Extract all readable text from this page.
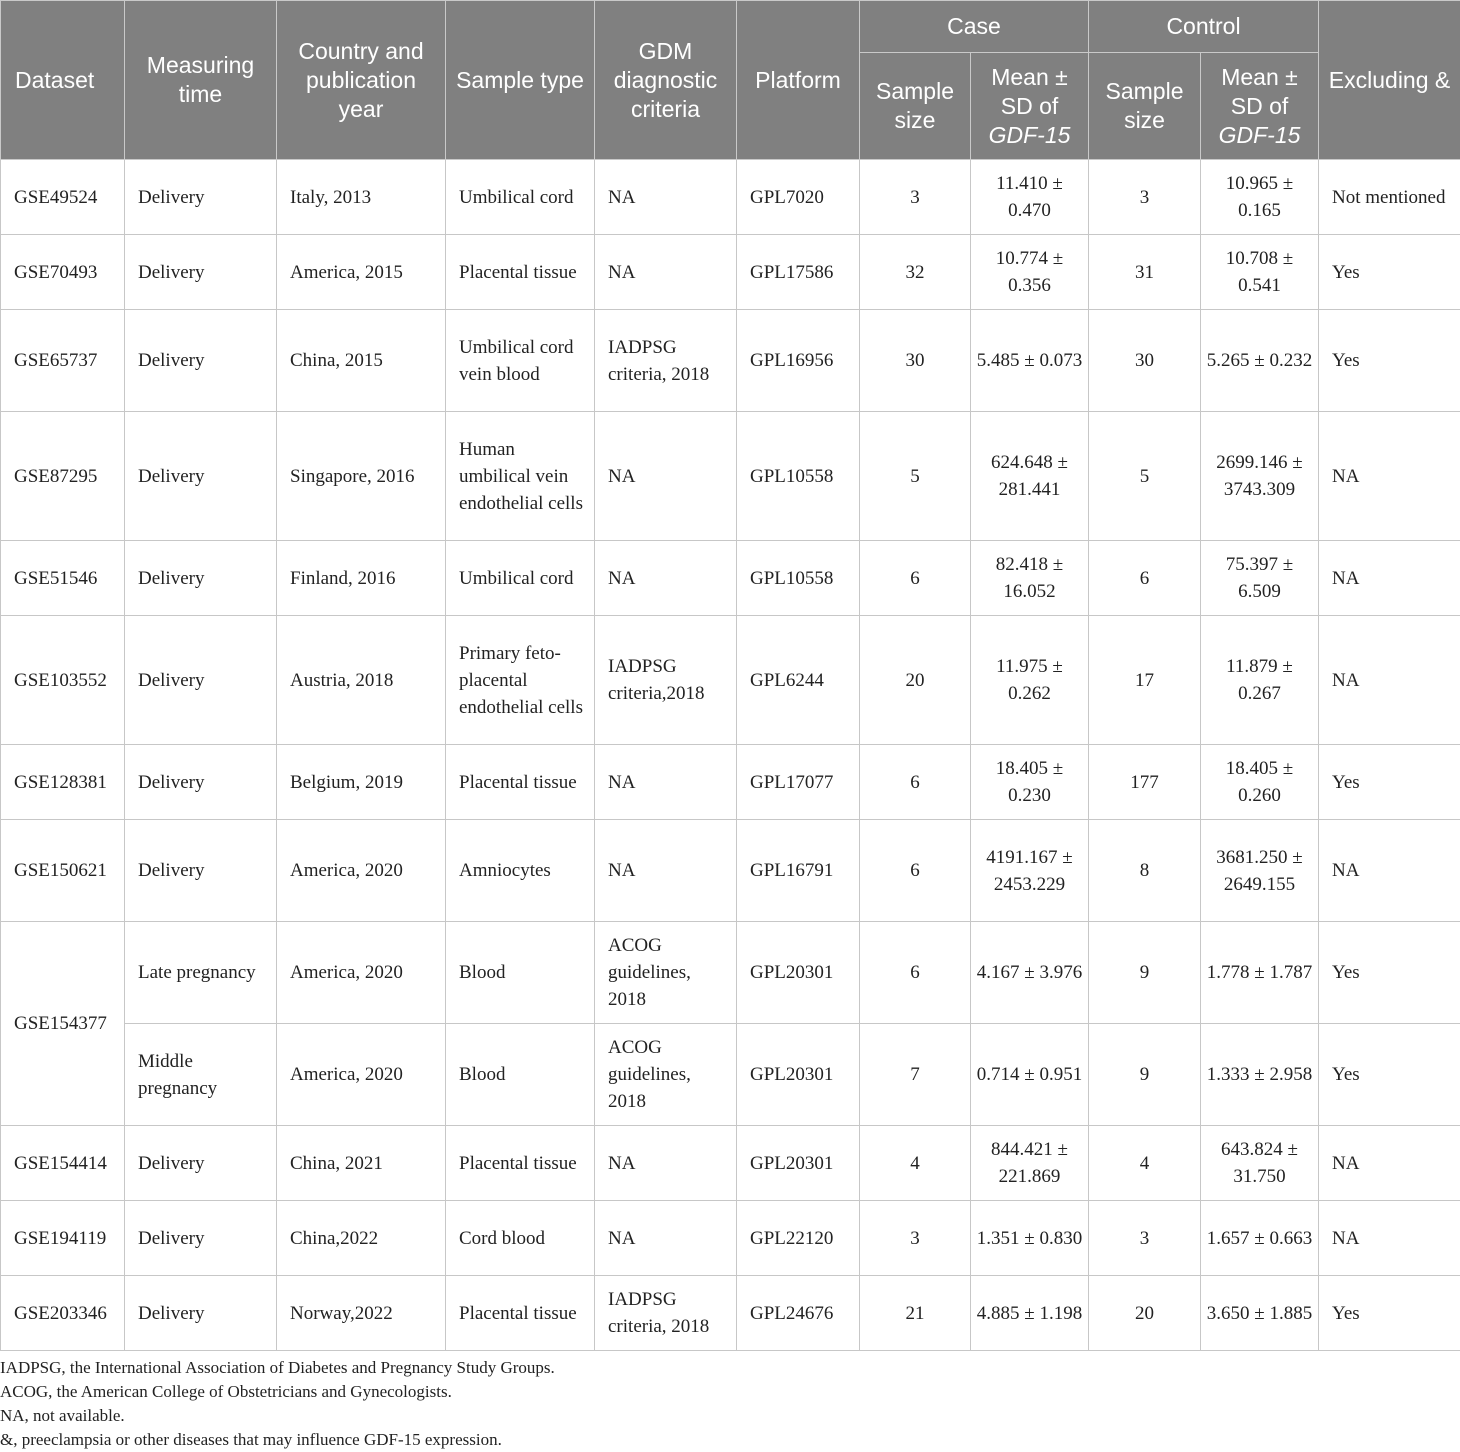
Dataset	Measuring time	Country and publication year	Sample type	GDM diagnostic criteria	Platform	Case		Control		Excluding &
						Sample size	Mean ± SD of GDF-15	Sample size	Mean ± SD of GDF-15	
GSE49524	Delivery	Italy, 2013	Umbilical cord	NA	GPL7020	3	11.410 ± 0.470	3	10.965 ± 0.165	Not mentioned
GSE70493	Delivery	America, 2015	Placental tissue	NA	GPL17586	32	10.774 ± 0.356	31	10.708 ± 0.541	Yes
GSE65737	Delivery	China, 2015	Umbilical cord vein blood	IADPSG criteria, 2018	GPL16956	30	5.485 ± 0.073	30	5.265 ± 0.232	Yes
GSE87295	Delivery	Singapore, 2016	Human umbilical vein endothelial cells	NA	GPL10558	5	624.648 ± 281.441	5	2699.146 ± 3743.309	NA
GSE51546	Delivery	Finland, 2016	Umbilical cord	NA	GPL10558	6	82.418 ± 16.052	6	75.397 ± 6.509	NA
GSE103552	Delivery	Austria, 2018	Primary feto-placental endothelial cells	IADPSG criteria,2018	GPL6244	20	11.975 ± 0.262	17	11.879 ± 0.267	NA
GSE128381	Delivery	Belgium, 2019	Placental tissue	NA	GPL17077	6	18.405 ± 0.230	177	18.405 ± 0.260	Yes
GSE150621	Delivery	America, 2020	Amniocytes	NA	GPL16791	6	4191.167 ± 2453.229	8	3681.250 ± 2649.155	NA
GSE154377	Late pregnancy	America, 2020	Blood	ACOG guidelines, 2018	GPL20301	6	4.167 ± 3.976	9	1.778 ± 1.787	Yes
	Middle pregnancy	America, 2020	Blood	ACOG guidelines, 2018	GPL20301	7	0.714 ± 0.951	9	1.333 ± 2.958	Yes
GSE154414	Delivery	China, 2021	Placental tissue	NA	GPL20301	4	844.421 ± 221.869	4	643.824 ± 31.750	NA
GSE194119	Delivery	China,2022	Cord blood	NA	GPL22120	3	1.351 ± 0.830	3	1.657 ± 0.663	NA
GSE203346	Delivery	Norway,2022	Placental tissue	IADPSG criteria, 2018	GPL24676	21	4.885 ± 1.198	20	3.650 ± 1.885	Yes
IADPSG, the International Association of Diabetes and Pregnancy Study Groups.
ACOG, the American College of Obstetricians and Gynecologists.
NA, not available.
&, preeclampsia or other diseases that may influence GDF-15 expression.
